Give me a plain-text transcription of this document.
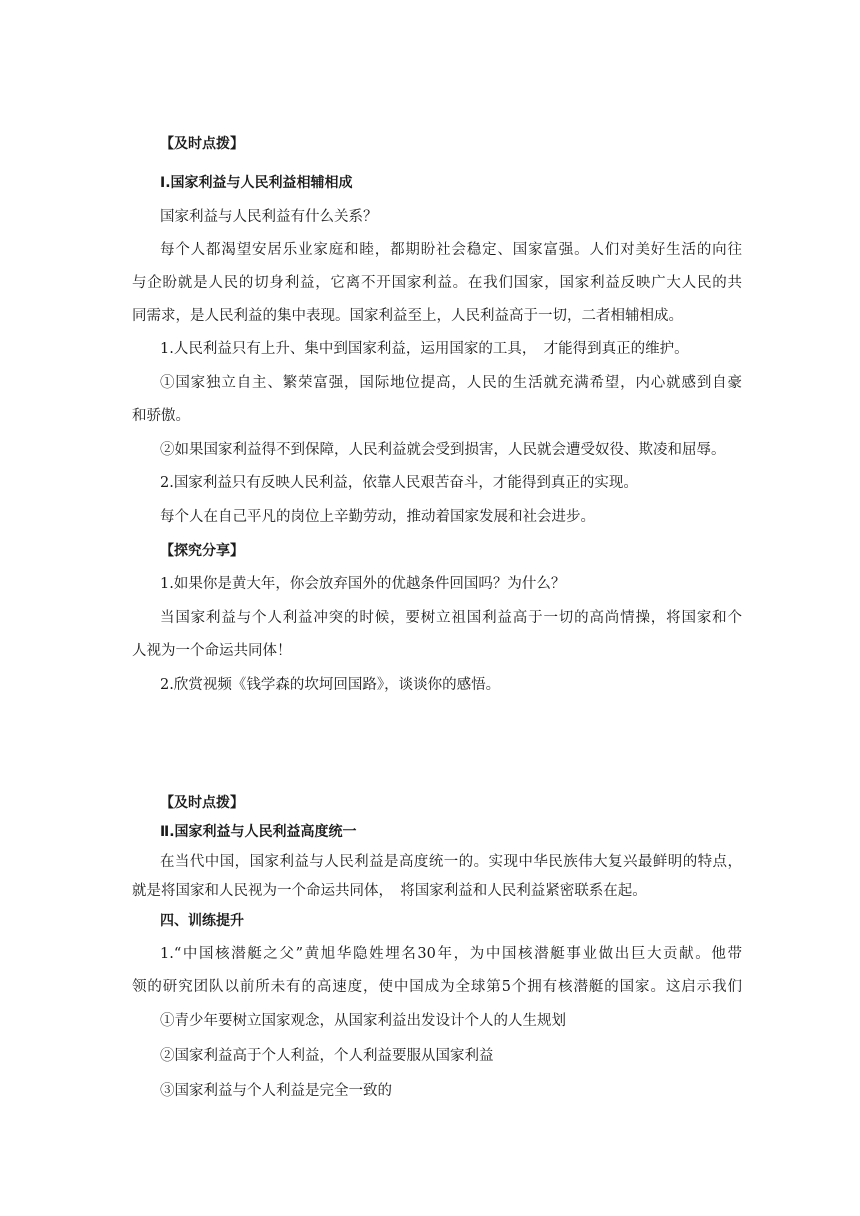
【及时点拨】
Ⅰ.国家利益与人民利益相辅相成
国家利益与人民利益有什么关系？
每个人都渴望安居乐业家庭和睦，都期盼社会稳定、国家富强。人们对美好生活的向往
与企盼就是人民的切身利益，它离不开国家利益。在我们国家，国家利益反映广大人民的共
同需求，是人民利益的集中表现。国家利益至上，人民利益高于一切，二者相辅相成。
1.人民利益只有上升、集中到国家利益，运用国家的工具，　才能得到真正的维护。
①国家独立自主、繁荣富强，国际地位提高，人民的生活就充满希望，内心就感到自豪
和骄傲。
②如果国家利益得不到保障，人民利益就会受到损害，人民就会遭受奴役、欺凌和屈辱。
2.国家利益只有反映人民利益，依靠人民艰苦奋斗，才能得到真正的实现。
每个人在自己平凡的岗位上辛勤劳动，推动着国家发展和社会进步。
【探究分享】
1.如果你是黄大年，你会放弃国外的优越条件回国吗？为什么？
当国家利益与个人利益冲突的时候，要树立祖国利益高于一切的高尚情操，将国家和个
人视为一个命运共同体！
2.欣赏视频《钱学森的坎坷回国路》，谈谈你的感悟。
【及时点拨】
Ⅱ.国家利益与人民利益高度统一
在当代中国，国家利益与人民利益是高度统一的。实现中华民族伟大复兴最鲜明的特点，
就是将国家和人民视为一个命运共同体，　将国家利益和人民利益紧密联系在起。
四、训练提升
1.“中国核潜艇之父”黄旭华隐姓埋名30年，为中国核潜艇事业做出巨大贡献。他带
领的研究团队以前所未有的高速度，使中国成为全球第5个拥有核潜艇的国家。这启示我们
①青少年要树立国家观念，从国家利益出发设计个人的人生规划
②国家利益高于个人利益，个人利益要服从国家利益
③国家利益与个人利益是完全一致的
